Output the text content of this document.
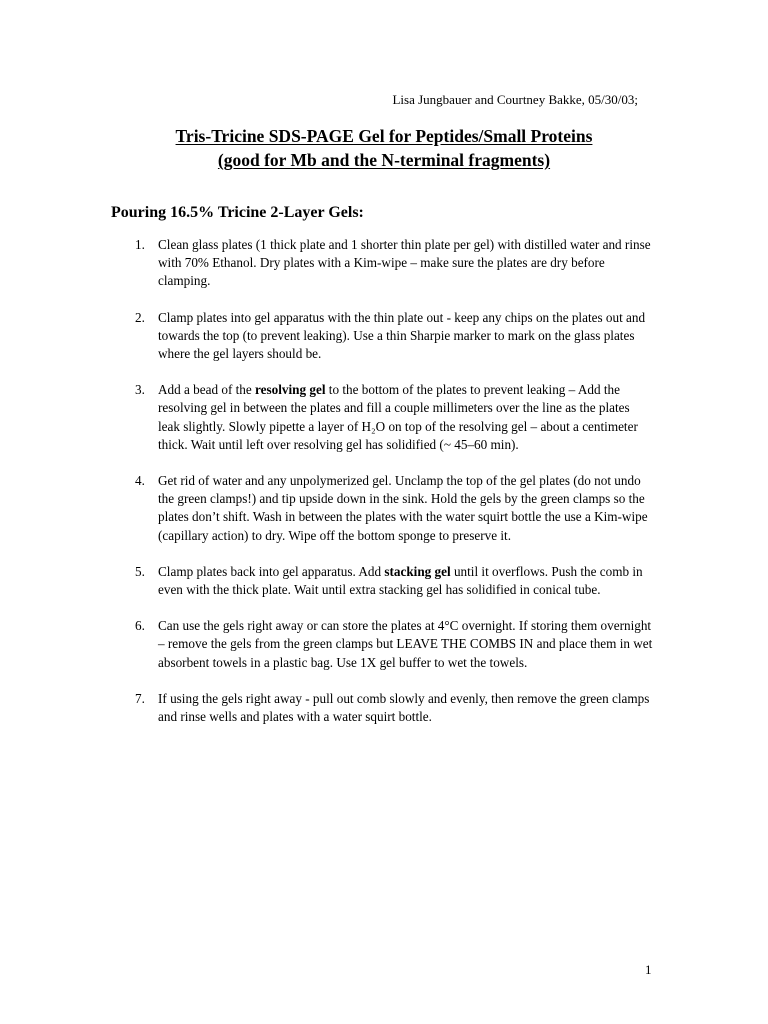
Lisa Jungbauer and Courtney Bakke, 05/30/03;
Tris-Tricine SDS-PAGE Gel for Peptides/Small Proteins
(good for Mb and the N-terminal fragments)
Pouring 16.5% Tricine 2-Layer Gels:
1. Clean glass plates (1 thick plate and 1 shorter thin plate per gel) with distilled water and rinse with 70% Ethanol. Dry plates with a Kim-wipe – make sure the plates are dry before clamping.
2. Clamp plates into gel apparatus with the thin plate out - keep any chips on the plates out and towards the top (to prevent leaking). Use a thin Sharpie marker to mark on the glass plates where the gel layers should be.
3. Add a bead of the resolving gel to the bottom of the plates to prevent leaking – Add the resolving gel in between the plates and fill a couple millimeters over the line as the plates leak slightly. Slowly pipette a layer of H₂O on top of the resolving gel – about a centimeter thick. Wait until left over resolving gel has solidified (~ 45–60 min).
4. Get rid of water and any unpolymerized gel. Unclamp the top of the gel plates (do not undo the green clamps!) and tip upside down in the sink. Hold the gels by the green clamps so the plates don’t shift. Wash in between the plates with the water squirt bottle the use a Kim-wipe (capillary action) to dry. Wipe off the bottom sponge to preserve it.
5. Clamp plates back into gel apparatus. Add stacking gel until it overflows. Push the comb in even with the thick plate. Wait until extra stacking gel has solidified in conical tube.
6. Can use the gels right away or can store the plates at 4°C overnight. If storing them overnight – remove the gels from the green clamps but LEAVE THE COMBS IN and place them in wet absorbent towels in a plastic bag. Use 1X gel buffer to wet the towels.
7. If using the gels right away - pull out comb slowly and evenly, then remove the green clamps and rinse wells and plates with a water squirt bottle.
1
